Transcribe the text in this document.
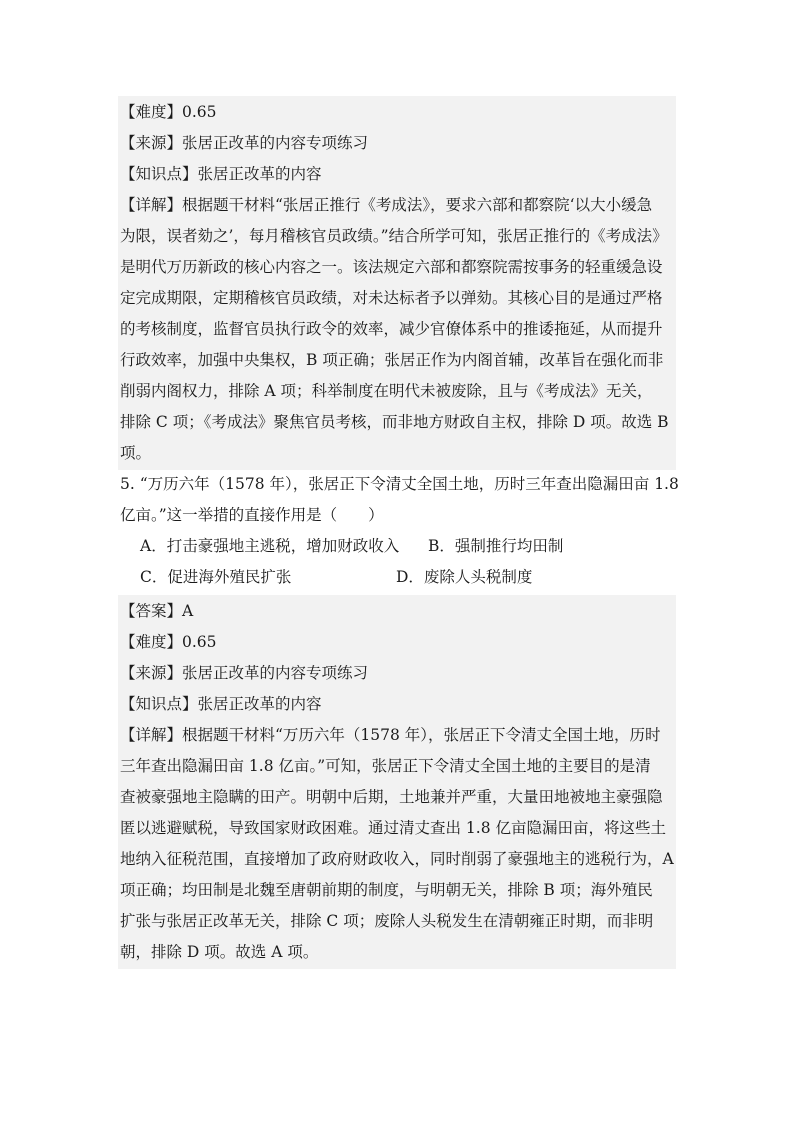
【难度】0.65
【来源】张居正改革的内容专项练习
【知识点】张居正改革的内容
【详解】根据题干材料“张居正推行《考成法》，要求六部和都察院‘以大小缓急
为限，误者劾之’，每月稽核官员政绩。”结合所学可知，张居正推行的《考成法》
是明代万历新政的核心内容之一。该法规定六部和都察院需按事务的轻重缓急设
定完成期限，定期稽核官员政绩，对未达标者予以弹劾。其核心目的是通过严格
的考核制度，监督官员执行政令的效率，减少官僚体系中的推诿拖延，从而提升
行政效率，加强中央集权，B 项正确；张居正作为内阁首辅，改革旨在强化而非
削弱内阁权力，排除 A 项；科举制度在明代未被废除，且与《考成法》无关，
排除 C 项；《考成法》聚焦官员考核，而非地方财政自主权，排除 D 项。故选 B
项。
5. “万历六年（1578 年），张居正下令清丈全国土地，历时三年查出隐漏田亩 1.8
亿亩。”这一举措的直接作用是（　　）
A．打击豪强地主逃税，增加财政收入 B．强制推行均田制
C．促进海外殖民扩张	D．废除人头税制度
【答案】A
【难度】0.65
【来源】张居正改革的内容专项练习
【知识点】张居正改革的内容
【详解】根据题干材料“万历六年（1578 年），张居正下令清丈全国土地，历时
三年查出隐漏田亩 1.8 亿亩。”可知，张居正下令清丈全国土地的主要目的是清
查被豪强地主隐瞒的田产。明朝中后期，土地兼并严重，大量田地被地主豪强隐
匿以逃避赋税，导致国家财政困难。通过清丈查出 1.8 亿亩隐漏田亩，将这些土
地纳入征税范围，直接增加了政府财政收入，同时削弱了豪强地主的逃税行为，A
项正确；均田制是北魏至唐朝前期的制度，与明朝无关，排除 B 项；海外殖民
扩张与张居正改革无关，排除 C 项；废除人头税发生在清朝雍正时期，而非明
朝，排除 D 项。故选 A 项。
